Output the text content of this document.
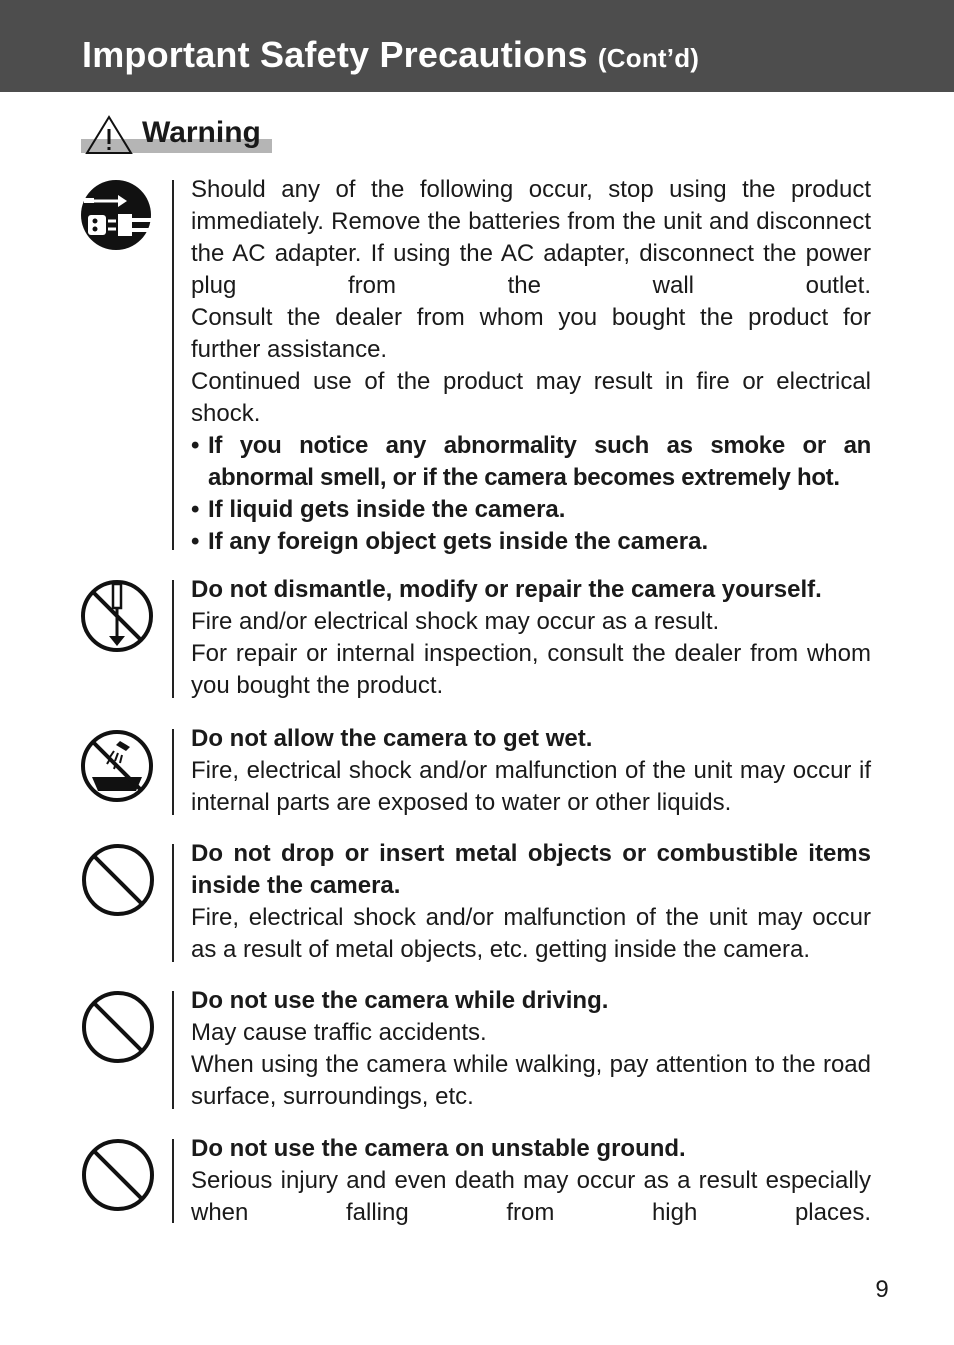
Important Safety Precautions (Cont’d)
Warning

Should any of the following occur, stop using the product immediately. Remove the batteries from the unit and disconnect the AC adapter. If using the AC adapter, disconnect the power plug from the wall outlet.

Consult the dealer from whom you bought the product for further assistance.

Continued use of the product may result in fire or electrical shock.

• If you notice any abnormality such as smoke or an abnormal smell, or if the camera becomes extremely hot.
• If liquid gets inside the camera.
• If any foreign object gets inside the camera.

Do not dismantle, modify or repair the camera yourself.

Fire and/or electrical shock may occur as a result.

For repair or internal inspection, consult the dealer from whom you bought the product.

Do not allow the camera to get wet.

Fire, electrical shock and/or malfunction of the unit may occur if internal parts are exposed to water or other liquids.

Do not drop or insert metal objects or combustible items inside the camera.

Fire, electrical shock and/or malfunction of the unit may occur as a result of metal objects, etc. getting inside the camera.

Do not use the camera while driving.

May cause traffic accidents.

When using the camera while walking, pay attention to the road surface, surroundings, etc.

Do not use the camera on unstable ground.

Serious injury and even death may occur as a result especially when falling from high places.

9
